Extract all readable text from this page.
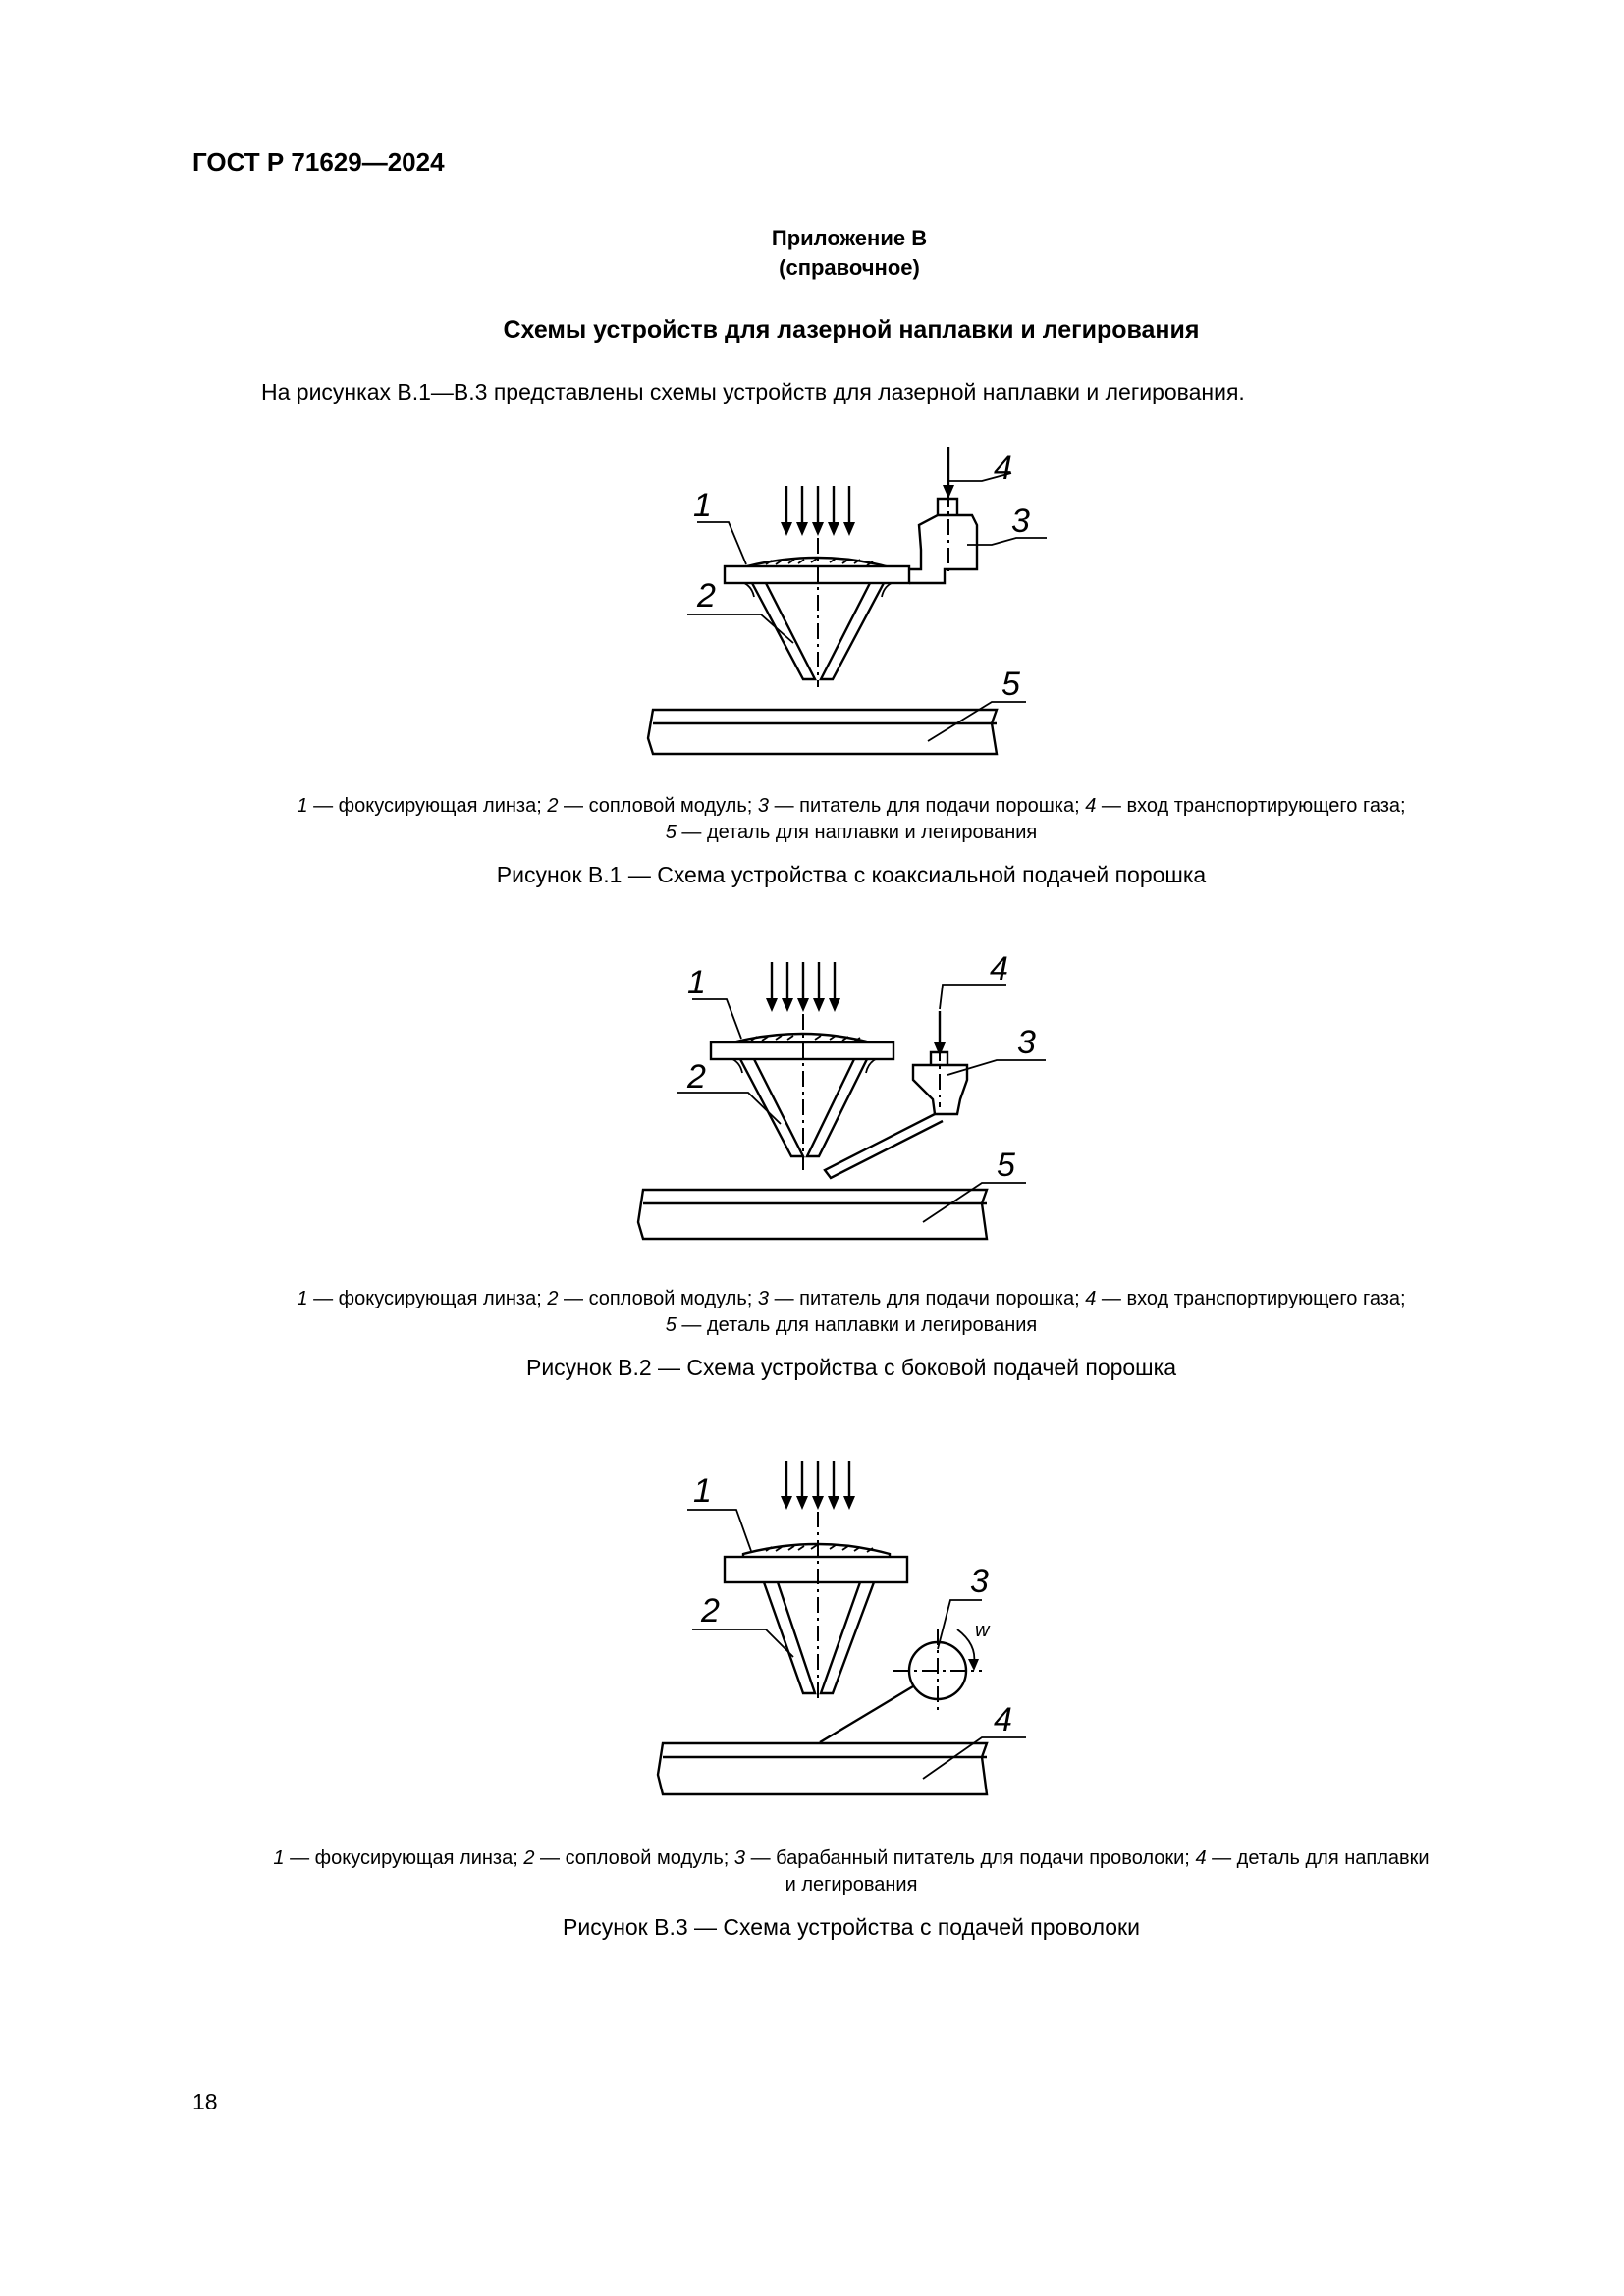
ГОСТ Р 71629—2024
Приложение В
(справочное)
Схемы устройств для лазерной наплавки и легирования
На рисунках В.1—В.3 представлены схемы устройств для лазерной наплавки и легирования.
1
2
3
4
5
1 — фокусирующая линза; 2 — сопловой модуль; 3 — питатель для подачи порошка; 4 — вход транспортирующего газа;
5 — деталь для наплавки и легирования
Рисунок В.1 — Схема устройства с коаксиальной подачей порошка
1
2
3
4
5
1 — фокусирующая линза; 2 — сопловой модуль; 3 — питатель для подачи порошка; 4 — вход транспортирующего газа;
5 — деталь для наплавки и легирования
Рисунок В.2 — Схема устройства с боковой подачей порошка
1
2
3
4
w
1 — фокусирующая линза; 2 — сопловой модуль; 3 — барабанный питатель для подачи проволоки; 4 — деталь для наплавки
и легирования
Рисунок В.3 — Схема устройства с подачей проволоки
18
